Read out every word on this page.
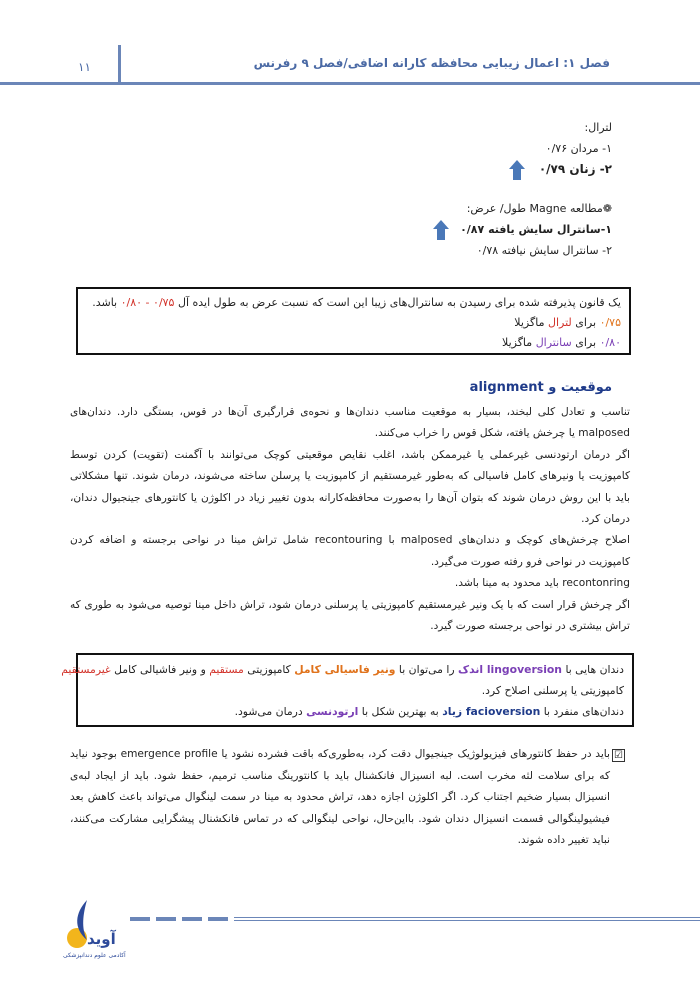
فصل ۱: اعمال زیبایی محافظه کارانه اضافی/فصل ۹ رفرنس
۱۱
لترال:
۱- مردان ۰/۷۶
۲- زنان ۰/۷۹
❁مطالعه Magne طول/ عرض:
۱-سانترال سایش یافته ۰/۸۷
۲- سانترال سایش نیافته ۰/۷۸
یک قانون پذیرفته شده برای رسیدن به سانترال‌های زیبا این است که نسبت عرض به طول ایده آل ۰/۷۵ - ۰/۸۰ باشد.
۰/۷۵ برای لترال ماگزیلا
۰/۸۰ برای سانترال ماگزیلا
موقعیت و alignment

تناسب و تعادل کلی لبخند، بسیار به موقعیت مناسب دندان‌ها و نحوه‌ی قرارگیری آن‌ها در قوس، بستگی دارد. دندان‌های malposed یا چرخش یافته، شکل قوس را خراب می‌کنند.

اگر درمان ارتودنسی غیرعملی یا غیرممکن باشد، اغلب نقایص موقعیتی کوچک می‌توانند با آگمنت (تقویت) کردن توسط کامپوزیت یا ونیرهای کامل فاسیالی که به‌طور غیرمستقیم از کامپوزیت یا پرسلن ساخته می‌شوند، درمان شوند. تنها مشکلاتی باید با این روش درمان شوند که بتوان آن‌ها را به‌صورت محافظه‌کارانه بدون تغییر زیاد در اکلوژن یا کانتورهای جینجیوال دندان، درمان کرد.

اصلاح چرخش‌های کوچک و دندان‌های malposed با recontouring شامل تراش مینا در نواحی برجسته و اضافه کردن کامپوزیت در نواحی فرو رفته صورت می‌گیرد.

recontonring باید محدود به مینا باشد.

اگر چرخش قرار است که با یک ونیر غیرمستقیم کامپوزیتی یا پرسلنی درمان شود، تراش داخل مینا توصیه می‌شود به طوری که تراش بیشتری در نواحی برجسته صورت گیرد.

دندان هایی با lingoversion اندک را می‌توان با ونیر فاسیالی کامل کامپوزیتی مستقیم و ونیر فاشیالی کامل غیرمستقیم
کامپوزیتی یا پرسلنی اصلاح کرد.
دندان‌های منفرد با facioversion زیاد به بهترین شکل با ارتودنسی درمان می‌شود.
☑
باید در حفظ کانتورهای فیزیولوژیک جینجیوال دقت کرد، به‌طوری‌که باقت فشرده نشود یا emergence profile بوجود نیاید که برای سلامت لثه مخرب است. لبه انسیزال فانکشنال باید با کانتورینگ مناسب ترمیم، حفظ شود. باید از ایجاد لبه‌ی انسیزال بسیار ضخیم اجتناب کرد. اگر اکلوژن اجازه دهد، تراش محدود به مینا در سمت لینگوال می‌تواند باعث کاهش بعد فیشیولینگوالی قسمت انسیزال دندان شود. بااین‌حال، نواحی لینگوالی که در تماس فانکشنال پیشگرایی مشارکت می‌کنند، نباید تغییر داده شوند.
آوید
آکادمی علوم دندانپزشکی
